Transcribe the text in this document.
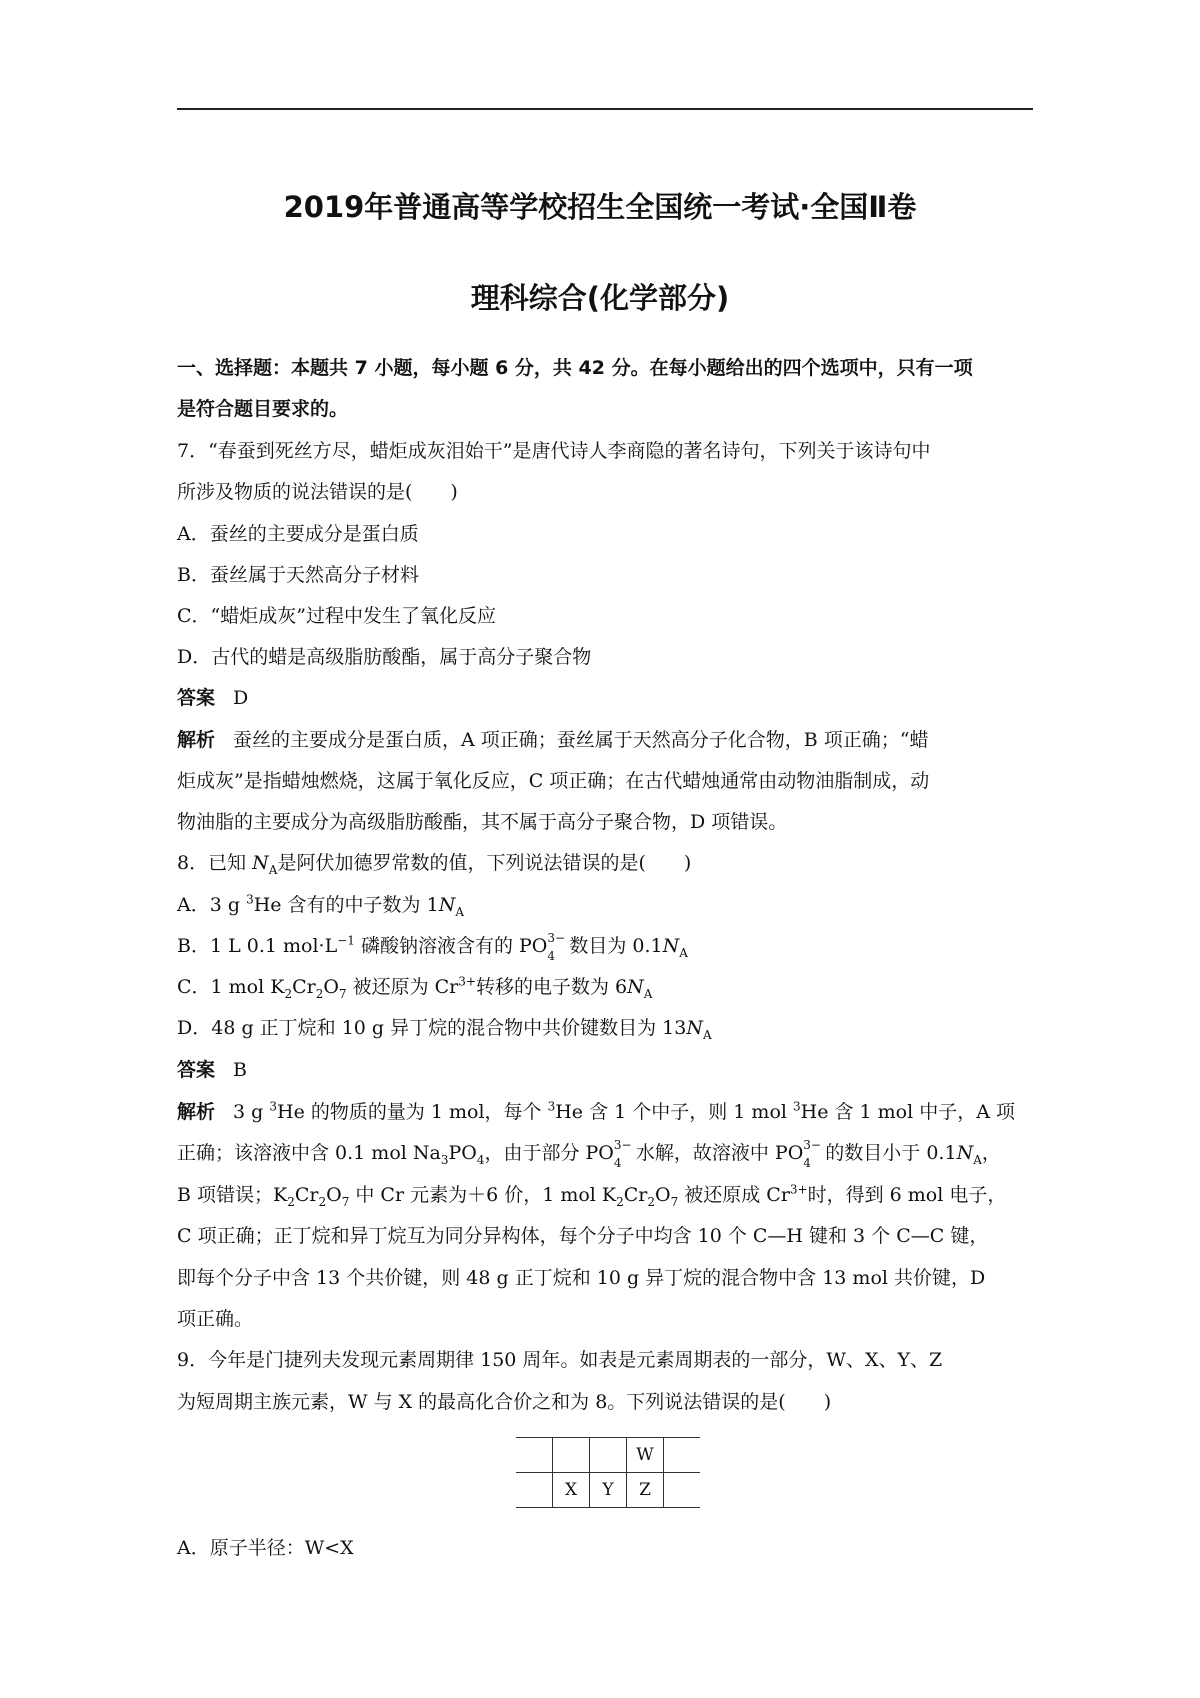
2019年普通高等学校招生全国统一考试·全国Ⅱ卷
理科综合(化学部分)
一、选择题：本题共 7 小题，每小题 6 分，共 42 分。在每小题给出的四个选项中，只有一项
是符合题目要求的。
7．“春蚕到死丝方尽，蜡炬成灰泪始干”是唐代诗人李商隐的著名诗句，下列关于该诗句中
所涉及物质的说法错误的是(　　)
A．蚕丝的主要成分是蛋白质
B．蚕丝属于天然高分子材料
C．“蜡炬成灰”过程中发生了氧化反应
D．古代的蜡是高级脂肪酸酯，属于高分子聚合物
答案 D
解析 蚕丝的主要成分是蛋白质，A 项正确；蚕丝属于天然高分子化合物，B 项正确；“蜡
炬成灰”是指蜡烛燃烧，这属于氧化反应，C 项正确；在古代蜡烛通常由动物油脂制成，动
物油脂的主要成分为高级脂肪酸酯，其不属于高分子聚合物，D 项错误。
8．已知 $N_A$是阿伏加德罗常数的值，下列说法错误的是(　　)
A．3 g $^3$He 含有的中子数为 $1N_A$
B．1 L 0.1 $mol\cdot L^{-1}$ 磷酸钠溶液含有的 PO 3−
4 数目为 $0.1N_A$
C．1 mol $K_2Cr_2O_7$ 被还原为 $Cr^{3+}$转移的电子数为 $6N_A$
D．48 g 正丁烷和 10 g 异丁烷的混合物中共价键数目为 $13N_A$
答案 B
解析 3 g $^3$He 的物质的量为 1 mol，每个 $^3$He 含 1 个中子，则 1 mol $^3$He 含 1 mol 中子，A 项
正确；该溶液中含 0.1 mol $Na_3PO_4$，由于部分 PO 3−
4 水解，故溶液中 PO 3−
4 的数目小于 $0.1N_A$，
B 项错误；$K_2Cr_2O_7$ 中 Cr 元素为＋6 价，1 mol $K_2Cr_2O_7$ 被还原成 $Cr^{3+}$时，得到 6 mol 电子，
C 项正确；正丁烷和异丁烷互为同分异构体，每个分子中均含 10 个 C—H 键和 3 个 C—C 键，
即每个分子中含 13 个共价键，则 48 g 正丁烷和 10 g 异丁烷的混合物中含 13 mol 共价键，D
项正确。
9．今年是门捷列夫发现元素周期律 150 周年。如表是元素周期表的一部分，W、X、Y、Z
为短周期主族元素，W 与 X 的最高化合价之和为 8。下列说法错误的是(　　)
			W	
	X	Y	Z	
A．原子半径：W<X
